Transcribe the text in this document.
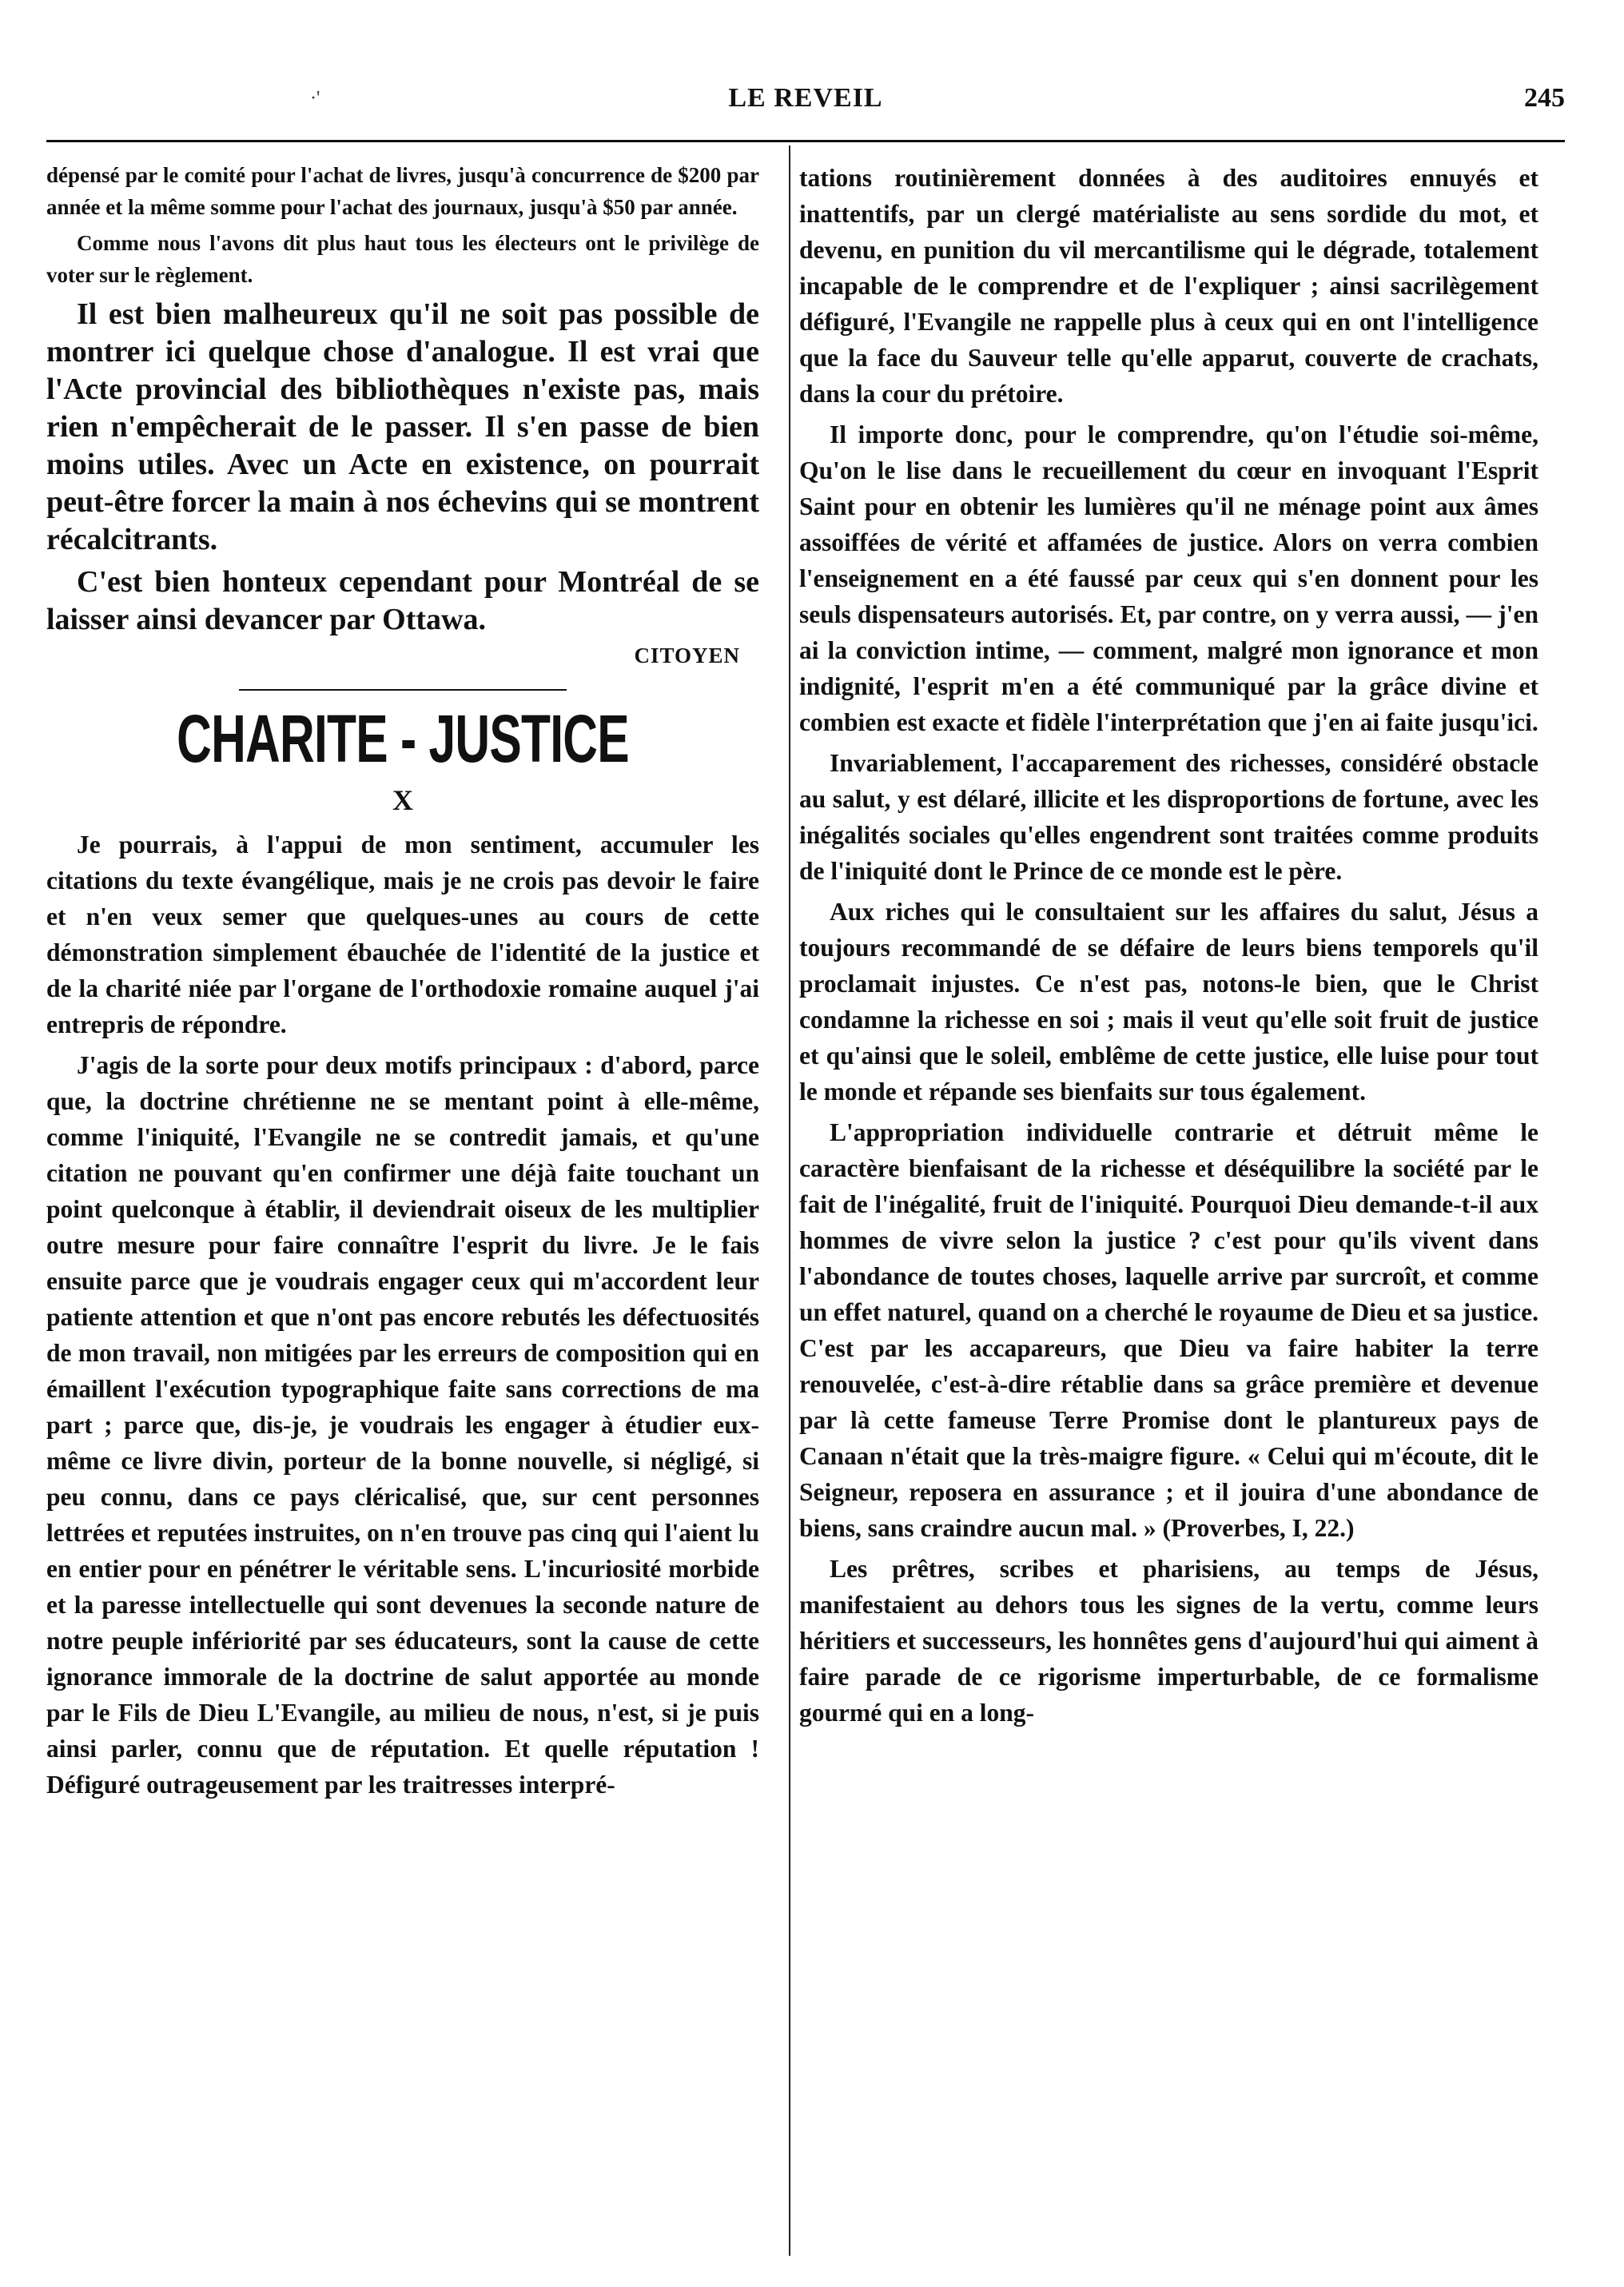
·'	LE REVEIL	245

dépensé par le comité pour l'achat de livres, jusqu'à concurrence de $200 par année et la même somme pour l'achat des journaux, jusqu'à $50 par année.

Comme nous l'avons dit plus haut tous les électeurs ont le privilège de voter sur le règlement.

Il est bien malheureux qu'il ne soit pas possible de montrer ici quelque chose d'analogue. Il est vrai que l'Acte provincial des bibliothèques n'existe pas, mais rien n'empêcherait de le passer. Il s'en passe de bien moins utiles. Avec un Acte en existence, on pourrait peut-être forcer la main à nos échevins qui se montrent récalcitrants.

C'est bien honteux cependant pour Montréal de se laisser ainsi devancer par Ottawa.

CITOYEN

CHARITE - JUSTICE
X

Je pourrais, à l'appui de mon sentiment, accumuler les citations du texte évangélique, mais je ne crois pas devoir le faire et n'en veux semer que quelques-unes au cours de cette démonstration simplement ébauchée de l'identité de la justice et de la charité niée par l'organe de l'orthodoxie romaine auquel j'ai entrepris de répondre.

J'agis de la sorte pour deux motifs principaux : d'abord, parce que, la doctrine chrétienne ne se mentant point à elle-même, comme l'iniquité, l'Evangile ne se contredit jamais, et qu'une citation ne pouvant qu'en confirmer une déjà faite touchant un point quelconque à établir, il deviendrait oiseux de les multiplier outre mesure pour faire connaître l'esprit du livre. Je le fais ensuite parce que je voudrais engager ceux qui m'accordent leur patiente attention et que n'ont pas encore rebutés les défectuosités de mon travail, non mitigées par les erreurs de composition qui en émaillent l'exécution typographique faite sans corrections de ma part ; parce que, dis-je, je voudrais les engager à étudier eux-même ce livre divin, porteur de la bonne nouvelle, si négligé, si peu connu, dans ce pays cléricalisé, que, sur cent personnes lettrées et reputées instruites, on n'en trouve pas cinq qui l'aient lu en entier pour en pénétrer le véritable sens. L'incuriosité morbide et la paresse intellectuelle qui sont devenues la seconde nature de notre peuple infériorité par ses éducateurs, sont la cause de cette ignorance immorale de la doctrine de salut apportée au monde par le Fils de Dieu L'Evangile, au milieu de nous, n'est, si je puis ainsi parler, connu que de réputation. Et quelle réputation ! Défiguré outrageusement par les traitresses interpré-

tations routinièrement données à des auditoires ennuyés et inattentifs, par un clergé matérialiste au sens sordide du mot, et devenu, en punition du vil mercantilisme qui le dégrade, totalement incapable de le comprendre et de l'expliquer ; ainsi sacrilègement défiguré, l'Evangile ne rappelle plus à ceux qui en ont l'intelligence que la face du Sauveur telle qu'elle apparut, couverte de crachats, dans la cour du prétoire.

Il importe donc, pour le comprendre, qu'on l'étudie soi-même, Qu'on le lise dans le recueillement du cœur en invoquant l'Esprit Saint pour en obtenir les lumières qu'il ne ménage point aux âmes assoiffées de vérité et affamées de justice. Alors on verra combien l'enseignement en a été faussé par ceux qui s'en donnent pour les seuls dispensateurs autorisés. Et, par contre, on y verra aussi, — j'en ai la conviction intime, — comment, malgré mon ignorance et mon indignité, l'esprit m'en a été communiqué par la grâce divine et combien est exacte et fidèle l'interprétation que j'en ai faite jusqu'ici.

Invariablement, l'accaparement des richesses, considéré obstacle au salut, y est délaré, illicite et les disproportions de fortune, avec les inégalités sociales qu'elles engendrent sont traitées comme produits de l'iniquité dont le Prince de ce monde est le père.

Aux riches qui le consultaient sur les affaires du salut, Jésus a toujours recommandé de se défaire de leurs biens temporels qu'il proclamait injustes. Ce n'est pas, notons-le bien, que le Christ condamne la richesse en soi ; mais il veut qu'elle soit fruit de justice et qu'ainsi que le soleil, emblême de cette justice, elle luise pour tout le monde et répande ses bienfaits sur tous également.

L'appropriation individuelle contrarie et détruit même le caractère bienfaisant de la richesse et déséquilibre la société par le fait de l'inégalité, fruit de l'iniquité. Pourquoi Dieu demande-t-il aux hommes de vivre selon la justice ? c'est pour qu'ils vivent dans l'abondance de toutes choses, laquelle arrive par surcroît, et comme un effet naturel, quand on a cherché le royaume de Dieu et sa justice. C'est par les accapareurs, que Dieu va faire habiter la terre renouvelée, c'est-à-dire rétablie dans sa grâce première et devenue par là cette fameuse Terre Promise dont le plantureux pays de Canaan n'était que la très-maigre figure. « Celui qui m'écoute, dit le Seigneur, reposera en assurance ; et il jouira d'une abondance de biens, sans craindre aucun mal. » (Proverbes, I, 22.)

Les prêtres, scribes et pharisiens, au temps de Jésus, manifestaient au dehors tous les signes de la vertu, comme leurs héritiers et successeurs, les honnêtes gens d'aujourd'hui qui aiment à faire parade de ce rigorisme imperturbable, de ce formalisme gourmé qui en a long-
